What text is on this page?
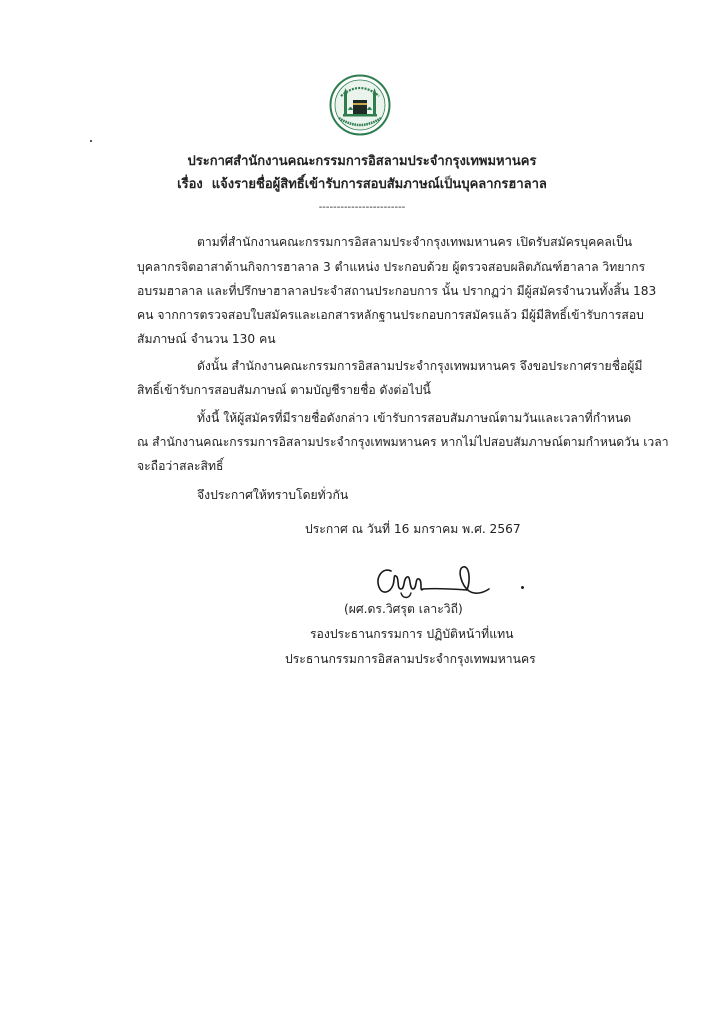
ประกาศสำนักงานคณะกรรมการอิสลามประจำกรุงเทพมหานคร
เรื่อง แจ้งรายชื่อผู้สิทธิ์เข้ารับการสอบสัมภาษณ์เป็นบุคลากรฮาลาล
------------------------
ตามที่สำนักงานคณะกรรมการอิสลามประจำกรุงเทพมหานคร เปิดรับสมัครบุคคลเป็น
บุคลากรจิตอาสาด้านกิจการฮาลาล 3 ตำแหน่ง ประกอบด้วย ผู้ตรวจสอบผลิตภัณฑ์ฮาลาล วิทยากร
อบรมฮาลาล และที่ปรึกษาฮาลาลประจำสถานประกอบการ นั้น ปรากฏว่า มีผู้สมัครจำนวนทั้งสิ้น 183
คน จากการตรวจสอบใบสมัครและเอกสารหลักฐานประกอบการสมัครแล้ว มีผู้มีสิทธิ์เข้ารับการสอบ
สัมภาษณ์ จำนวน 130 คน
ดังนั้น สำนักงานคณะกรรมการอิสลามประจำกรุงเทพมหานคร จึงขอประกาศรายชื่อผู้มี
สิทธิ์เข้ารับการสอบสัมภาษณ์ ตามบัญชีรายชื่อ ดังต่อไปนี้
ทั้งนี้ ให้ผู้สมัครที่มีรายชื่อดังกล่าว เข้ารับการสอบสัมภาษณ์ตามวันและเวลาที่กำหนด
ณ สำนักงานคณะกรรมการอิสลามประจำกรุงเทพมหานคร หากไม่ไปสอบสัมภาษณ์ตามกำหนดวัน เวลา
จะถือว่าสละสิทธิ์
จึงประกาศให้ทราบโดยทั่วกัน
ประกาศ ณ วันที่ 16 มกราคม พ.ศ. 2567
(ผศ.ดร.วิศรุต เลาะวิถี)
รองประธานกรรมการ ปฏิบัติหน้าที่แทน
ประธานกรรมการอิสลามประจำกรุงเทพมหานคร
